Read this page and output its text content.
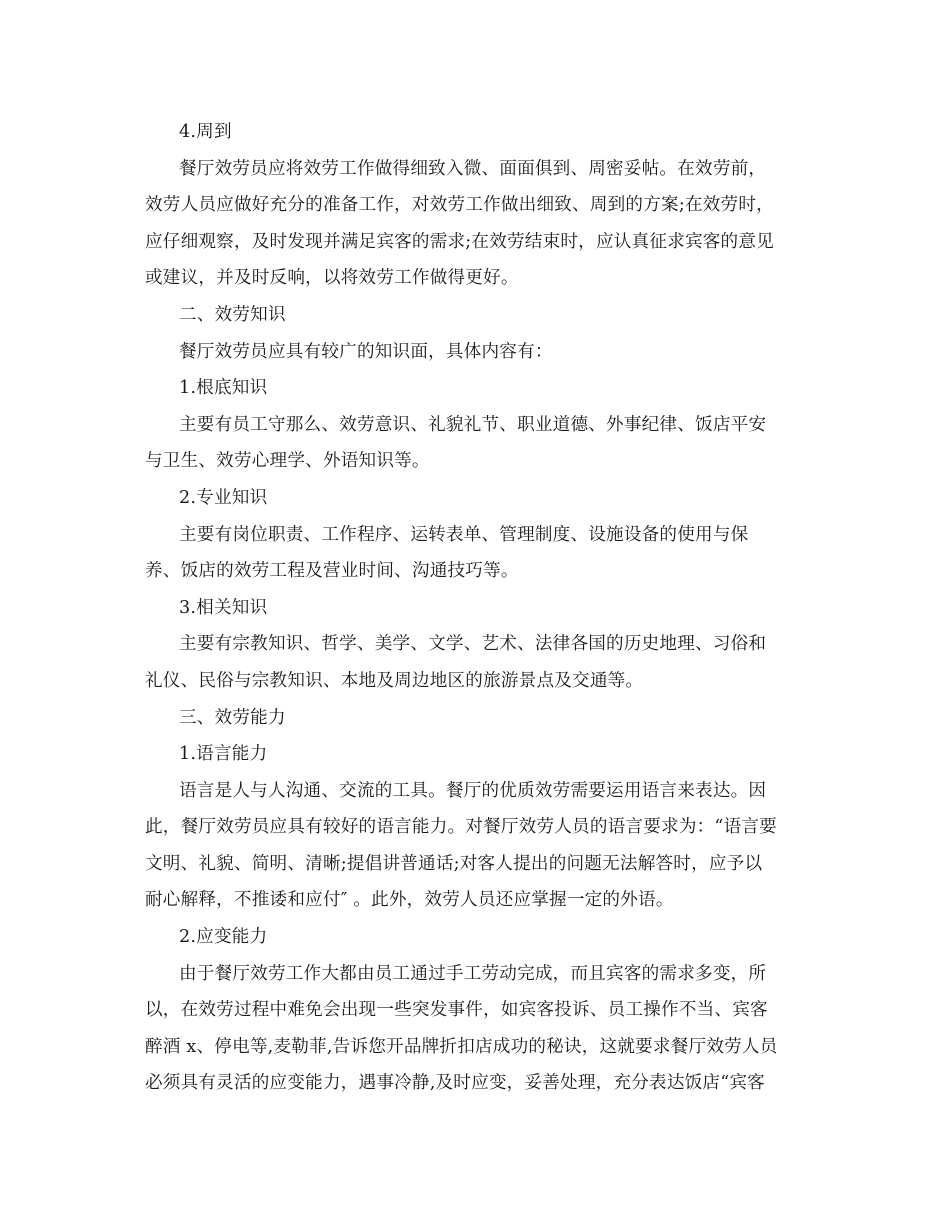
4.周到
餐厅效劳员应将效劳工作做得细致入微、面面俱到、周密妥帖。在效劳前，
效劳人员应做好充分的准备工作，对效劳工作做出细致、周到的方案;在效劳时，
应仔细观察，及时发现并满足宾客的需求;在效劳结束时，应认真征求宾客的意见
或建议，并及时反响，以将效劳工作做得更好。
二、效劳知识
餐厅效劳员应具有较广的知识面，具体内容有：
1.根底知识
主要有员工守那么、效劳意识、礼貌礼节、职业道德、外事纪律、饭店平安
与卫生、效劳心理学、外语知识等。
2.专业知识
主要有岗位职责、工作程序、运转表单、管理制度、设施设备的使用与保
养、饭店的效劳工程及营业时间、沟通技巧等。
3.相关知识
主要有宗教知识、哲学、美学、文学、艺术、法律各国的历史地理、习俗和
礼仪、民俗与宗教知识、本地及周边地区的旅游景点及交通等。
三、效劳能力
1.语言能力
语言是人与人沟通、交流的工具。餐厅的优质效劳需要运用语言来表达。因
此，餐厅效劳员应具有较好的语言能力。对餐厅效劳人员的语言要求为：“语言要
文明、礼貌、简明、清晰;提倡讲普通话;对客人提出的问题无法解答时，应予以
耐心解释，不推诿和应付″ 。此外，效劳人员还应掌握一定的外语。
2.应变能力
由于餐厅效劳工作大都由员工通过手工劳动完成，而且宾客的需求多变，所
以，在效劳过程中难免会出现一些突发事件，如宾客投诉、员工操作不当、宾客
醉酒 x、停电等,麦勒菲,告诉您开品牌折扣店成功的秘诀，这就要求餐厅效劳人员
必须具有灵活的应变能力，遇事冷静,及时应变，妥善处理，充分表达饭店“宾客
